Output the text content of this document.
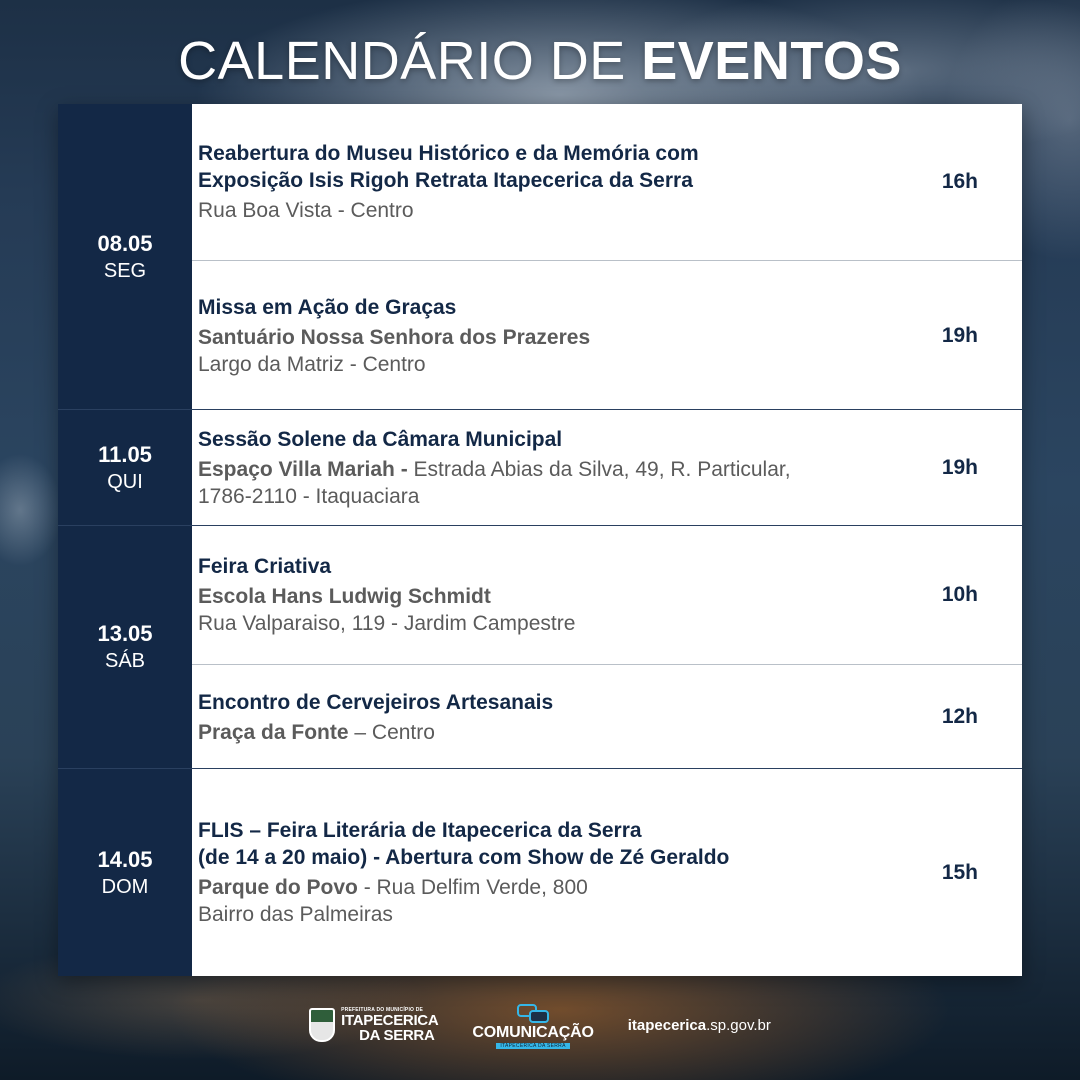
CALENDÁRIO DE EVENTOS
08.05
SEG
Reabertura do Museu Histórico e da Memória com
Exposição Isis Rigoh Retrata Itapecerica da Serra
Rua Boa Vista - Centro
16h
Missa em Ação de Graças
Santuário Nossa Senhora dos Prazeres
Largo da Matriz - Centro
19h
11.05
QUI
Sessão Solene da Câmara Municipal
Espaço Villa Mariah - Estrada Abias da Silva, 49, R. Particular,
1786-2110 - Itaquaciara
19h
13.05
SÁB
Feira Criativa
Escola Hans Ludwig Schmidt
Rua Valparaiso, 119 - Jardim Campestre
10h
Encontro de Cervejeiros Artesanais
Praça da Fonte – Centro
12h
14.05
DOM
FLIS – Feira Literária de Itapecerica da Serra
(de 14 a 20 maio) - Abertura com Show de Zé Geraldo
Parque do Povo - Rua Delfim Verde, 800
Bairro das Palmeiras
15h
PREFEITURA DO MUNICÍPIO DE
ITAPECERICA
DA SERRA COMUNICAÇÃO
ITAPECERICA DA SERRA
itapecerica.sp.gov.br
